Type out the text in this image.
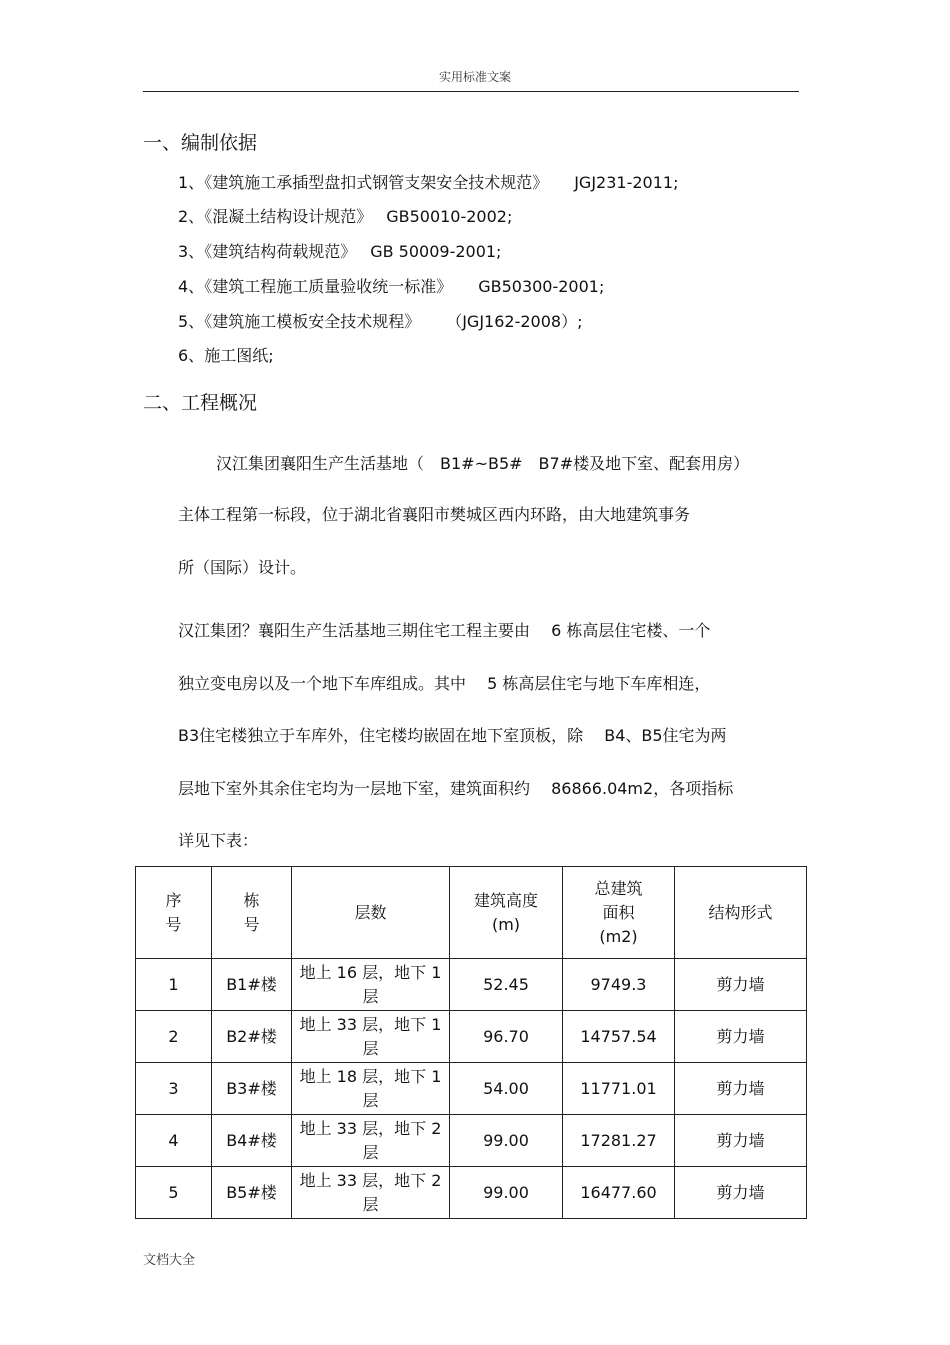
实用标准文案
一、编制依据
1、《建筑施工承插型盘扣式钢管支架安全技术规范》 JGJ231-2011;
2、《混凝土结构设计规范》 GB50010-2002;
3、《建筑结构荷载规范》 GB 50009-2001;
4、《建筑工程施工质量验收统一标准》 GB50300-2001;
5、《建筑施工模板安全技术规程》 （JGJ162-2008）;
6、施工图纸;
二、工程概况
汉江集团襄阳生产生活基地（　B1#~B5#　B7#楼及地下室、配套用房）
主体工程第一标段，位于湖北省襄阳市樊城区西内环路，由大地建筑事务
所（国际）设计。
汉江集团？襄阳生产生活基地三期住宅工程主要由　 6 栋高层住宅楼、一个
独立变电房以及一个地下车库组成。其中　 5 栋高层住宅与地下车库相连，
B3住宅楼独立于车库外，住宅楼均嵌固在地下室顶板，除　 B4、B5住宅为两
层地下室外其余住宅均为一层地下室，建筑面积约　 86866.04m2，各项指标
详见下表：
序号	栋号	层数	建筑高度(m)	总建筑面积(m2)	结构形式
1	B1#楼	地上 16 层，地下 1 层	52.45	9749.3	剪力墙
2	B2#楼	地上 33 层，地下 1 层	96.70	14757.54	剪力墙
3	B3#楼	地上 18 层，地下 1 层	54.00	11771.01	剪力墙
4	B4#楼	地上 33 层，地下 2 层	99.00	17281.27	剪力墙
5	B5#楼	地上 33 层，地下 2 层	99.00	16477.60	剪力墙
文档大全
